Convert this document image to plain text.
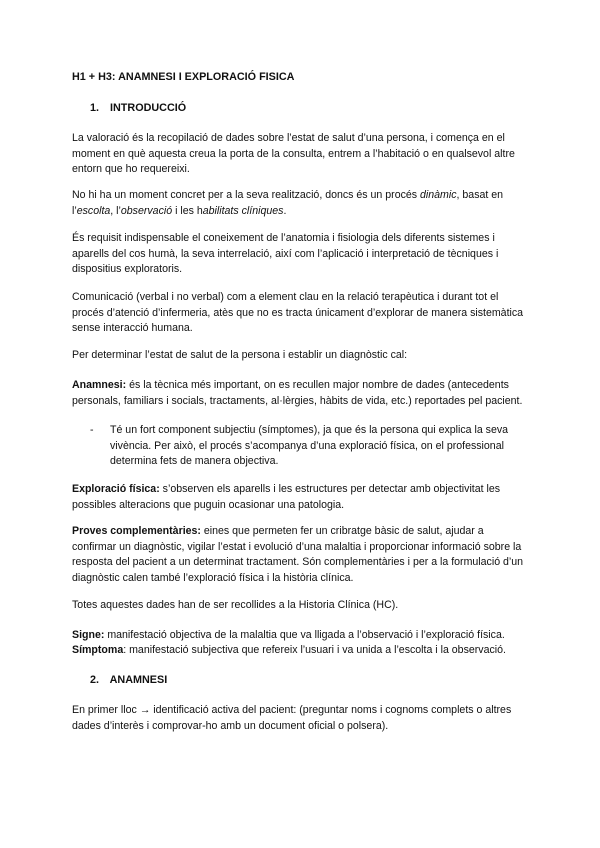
H1 + H3: ANAMNESI I EXPLORACIÓ FISICA
1. INTRODUCCIÓ

La valoració és la recopilació de dades sobre l’estat de salut d’una persona, i comença en el moment en què aquesta creua la porta de la consulta, entrem a l’habitació o en qualsevol altre entorn que ho requereixi.

No hi ha un moment concret per a la seva realització, doncs és un procés dinàmic, basat en l’escolta, l’observació i les habilitats clíniques.

És requisit indispensable el coneixement de l’anatomia i fisiologia dels diferents sistemes i aparells del cos humà, la seva interrelació, així com l’aplicació i interpretació de tècniques i dispositius exploratoris.

Comunicació (verbal i no verbal) com a element clau en la relació terapèutica i durant tot el procés d’atenció d’infermeria, atès que no es tracta únicament d’explorar de manera sistemàtica sense interacció humana.

Per determinar l’estat de salut de la persona i establir un diagnòstic cal:

Anamnesi: és la tècnica més important, on es recullen major nombre de dades (antecedents personals, familiars i socials, tractaments, al·lèrgies, hàbits de vida, etc.) reportades pel pacient.

- Té un fort component subjectiu (símptomes), ja que és la persona qui explica la seva vivència. Per això, el procés s’acompanya d’una exploració física, on el professional determina fets de manera objectiva.

Exploració física: s’observen els aparells i les estructures per detectar amb objectivitat les possibles alteracions que puguin ocasionar una patologia.

Proves complementàries: eines que permeten fer un cribratge bàsic de salut, ajudar a confirmar un diagnòstic, vigilar l’estat i evolució d’una malaltia i proporcionar informació sobre la resposta del pacient a un determinat tractament. Són complementàries i per a la formulació d’un diagnòstic calen també l’exploració física i la història clínica.

Totes aquestes dades han de ser recollides a la Historia Clínica (HC).

Signe: manifestació objectiva de la malaltia que va lligada a l’observació i l’exploració física.

Símptoma: manifestació subjectiva que refereix l’usuari i va unida a l’escolta i la observació.

2. ANAMNESI

En primer lloc → identificació activa del pacient: (preguntar noms i cognoms complets o altres dades d’interès i comprovar-ho amb un document oficial o polsera).
